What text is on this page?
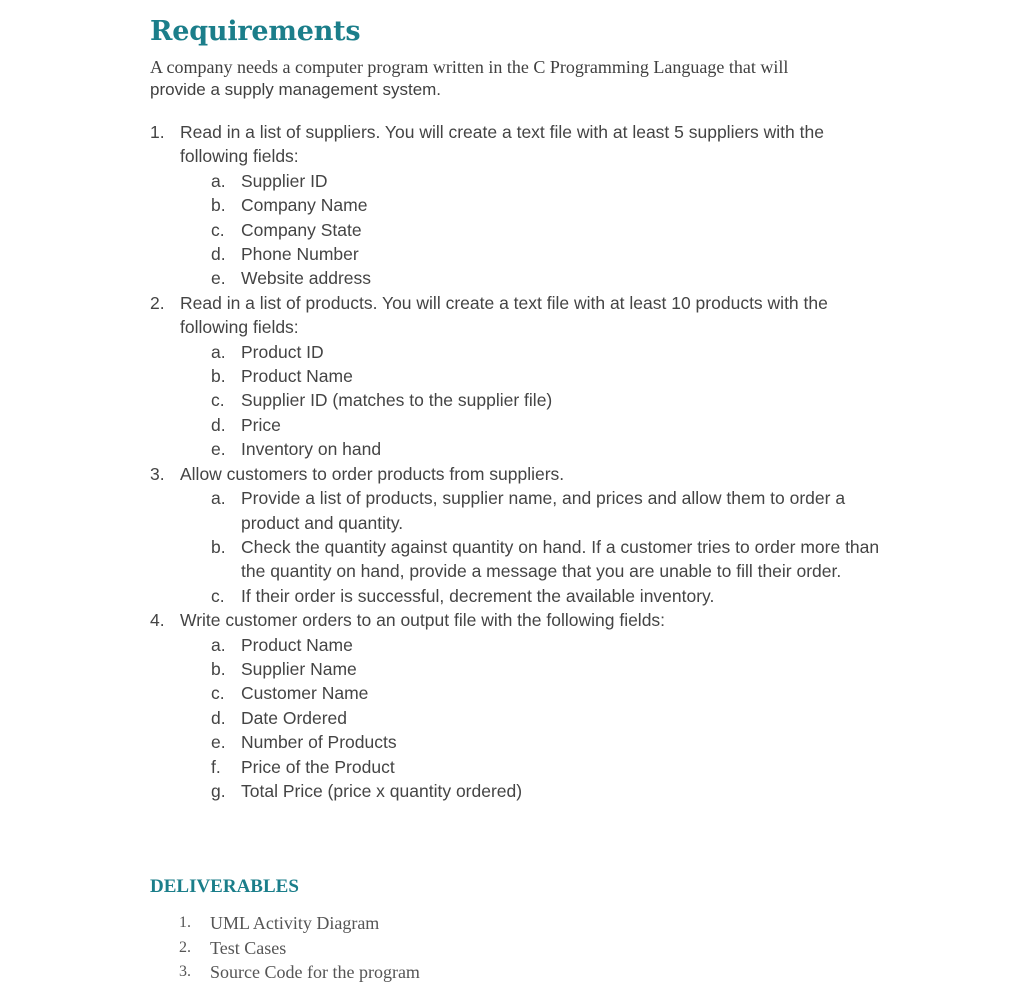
Requirements
A company needs a computer program written in the C Programming Language that will
provide a supply management system.
1. Read in a list of suppliers. You will create a text file with at least 5 suppliers with the following fields:
a. Supplier ID
b. Company Name
c. Company State
d. Phone Number
e. Website address
2. Read in a list of products. You will create a text file with at least 10 products with the following fields:
a. Product ID
b. Product Name
c. Supplier ID (matches to the supplier file)
d. Price
e. Inventory on hand
3. Allow customers to order products from suppliers.
a. Provide a list of products, supplier name, and prices and allow them to order a product and quantity.
b. Check the quantity against quantity on hand. If a customer tries to order more than the quantity on hand, provide a message that you are unable to fill their order.
c. If their order is successful, decrement the available inventory.
4. Write customer orders to an output file with the following fields:
a. Product Name
b. Supplier Name
c. Customer Name
d. Date Ordered
e. Number of Products
f.	Price of the Product
g. Total Price (price x quantity ordered)
DELIVERABLES
1. UML Activity Diagram
2. Test Cases
3. Source Code for the program
